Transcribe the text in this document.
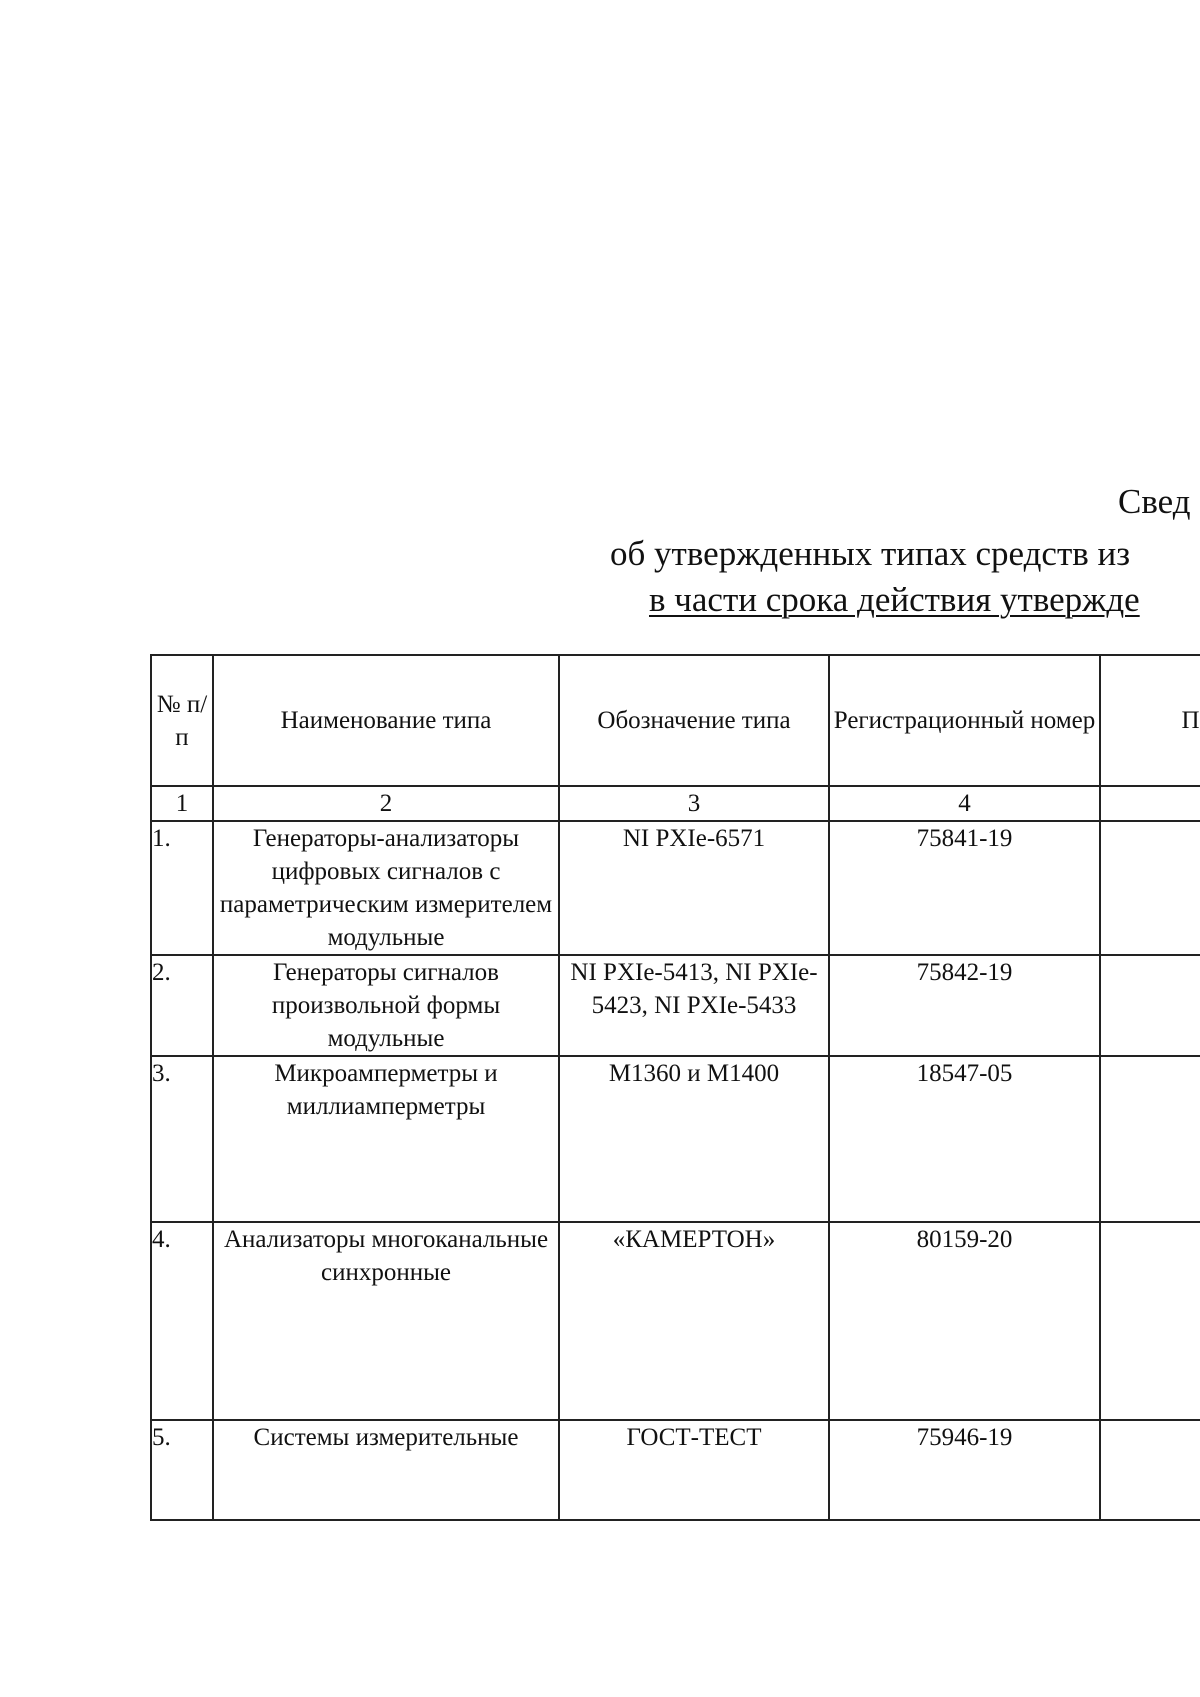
Свед
об утвержденных типах средств из
в части срока действия утвержде
№ п/п	Наименование типа	Обозначение типа	Регистрационный номер	П
1	2	3	4	
1.	Генераторы-анализаторы цифровых сигналов с параметрическим измерителем модульные	NI PXIe-6571	75841-19	
2.	Генераторы сигналов произвольной формы модульные	NI PXIe-5413, NI PXIe-5423, NI PXIe-5433	75842-19	
3.	Микроамперметры и миллиамперметры	М1360 и М1400	18547-05	
4.	Анализаторы многоканальные синхронные	«КАМЕРТОН»	80159-20	
5.	Системы измерительные	ГОСТ-ТЕСТ	75946-19	
